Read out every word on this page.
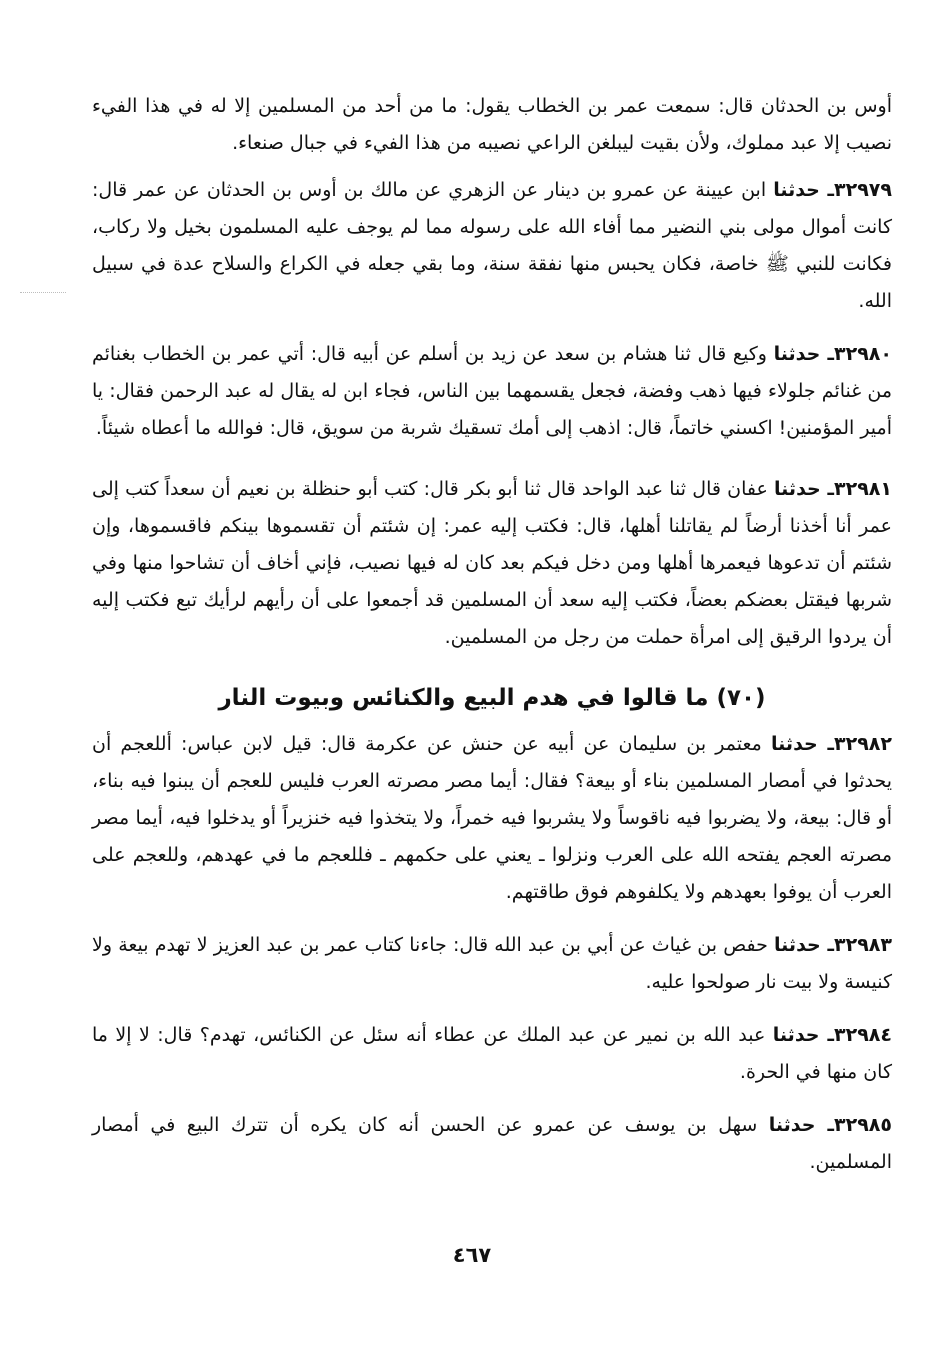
أوس بن الحدثان قال: سمعت عمر بن الخطاب يقول: ما من أحد من المسلمين إلا له في هذا الفيء نصيب إلا عبد مملوك، ولأن بقيت ليبلغن الراعي نصيبه من هذا الفيء في جبال صنعاء.

٣٢٩٧٩ـ حدثنا ابن عيينة عن عمرو بن دينار عن الزهري عن مالك بن أوس بن الحدثان عن عمر قال: كانت أموال مولى بني النضير مما أفاء الله على رسوله مما لم يوجف عليه المسلمون بخيل ولا ركاب، فكانت للنبي ﷺ خاصة، فكان يحبس منها نفقة سنة، وما بقي جعله في الكراع والسلاح عدة في سبيل الله.

٣٢٩٨٠ـ حدثنا وكيع قال ثنا هشام بن سعد عن زيد بن أسلم عن أبيه قال: أتي عمر بن الخطاب بغنائم من غنائم جلولاء فيها ذهب وفضة، فجعل يقسمهما بين الناس، فجاء ابن له يقال له عبد الرحمن فقال: يا أمير المؤمنين! اكسني خاتماً، قال: اذهب إلى أمك تسقيك شربة من سويق، قال: فوالله ما أعطاه شيئاً.

٣٢٩٨١ـ حدثنا عفان قال ثنا عبد الواحد قال ثنا أبو بكر قال: كتب أبو حنظلة بن نعيم أن سعداً كتب إلى عمر أنا أخذنا أرضاً لم يقاتلنا أهلها، قال: فكتب إليه عمر: إن شئتم أن تقسموها بينكم فاقسموها، وإن شئتم أن تدعوها فيعمرها أهلها ومن دخل فيكم بعد كان له فيها نصيب، فإني أخاف أن تشاحوا منها وفي شربها فيقتل بعضكم بعضاً، فكتب إليه سعد أن المسلمين قد أجمعوا على أن رأيهم لرأيك تبع فكتب إليه أن يردوا الرقيق إلى امرأة حملت من رجل من المسلمين.

(٧٠) ما قالوا في هدم البيع والكنائس وبيوت النار

٣٢٩٨٢ـ حدثنا معتمر بن سليمان عن أبيه عن حنش عن عكرمة قال: قيل لابن عباس: أللعجم أن يحدثوا في أمصار المسلمين بناء أو بيعة؟ فقال: أيما مصر مصرته العرب فليس للعجم أن يبنوا فيه بناء، أو قال: بيعة، ولا يضربوا فيه ناقوساً ولا يشربوا فيه خمراً، ولا يتخذوا فيه خنزيراً أو يدخلوا فيه، أيما مصر مصرته العجم يفتحه الله على العرب ونزلوا ـ يعني على حكمهم ـ فللعجم ما في عهدهم، وللعجم على العرب أن يوفوا بعهدهم ولا يكلفوهم فوق طاقتهم.

٣٢٩٨٣ـ حدثنا حفص بن غياث عن أبي بن عبد الله قال: جاءنا كتاب عمر بن عبد العزيز لا تهدم بيعة ولا كنيسة ولا بيت نار صولحوا عليه.

٣٢٩٨٤ـ حدثنا عبد الله بن نمير عن عبد الملك عن عطاء أنه سئل عن الكنائس، تهدم؟ قال: لا إلا ما كان منها في الحرة.

٣٢٩٨٥ـ حدثنا سهل بن يوسف عن عمرو عن الحسن أنه كان يكره أن تترك البيع في أمصار المسلمين.

٤٦٧
